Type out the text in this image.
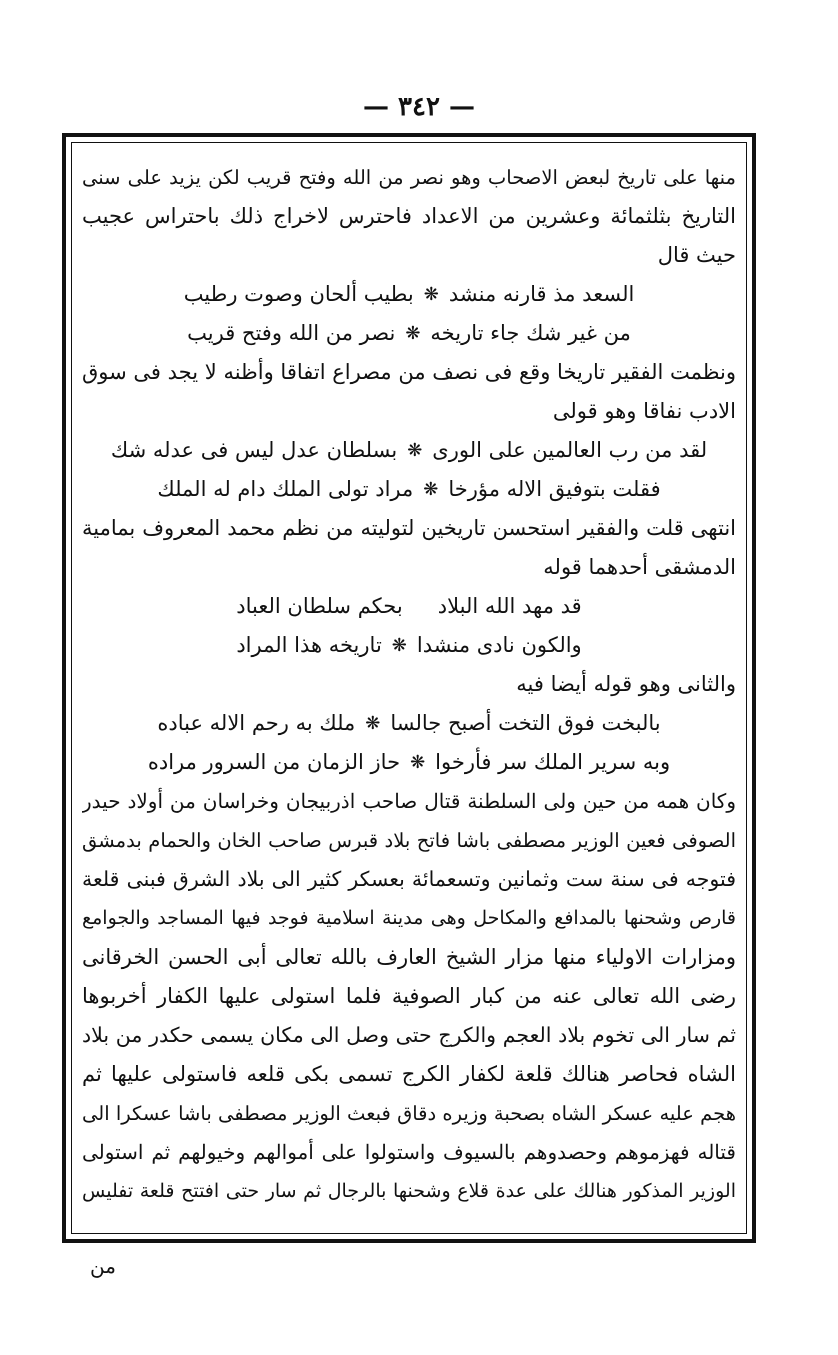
— ٣٤٢ —
منها على تاريخ لبعض الاصحاب وهو نصر من الله وفتح قريب لكن يزيد على سنى
التاريخ بثلثمائة وعشرين من الاعداد فاحترس لاخراج ذلك باحتراس عجيب
حيث قال
السعد مذ قارنه منشد
❋
بطيب ألحان وصوت رطيب
من غير شك جاء تاريخه
❋
نصر من الله وفتح قريب
ونظمت الفقير تاريخا وقع فى نصف من مصراع اتفاقا وأظنه لا يجد فى سوق
الادب نفاقا وهو قولى
لقد من رب العالمين على الورى
❋
بسلطان عدل ليس فى عدله شك
فقلت بتوفيق الاله مؤرخا
❋
مراد تولى الملك دام له الملك
انتهى قلت والفقير استحسن تاريخين لتوليته من نظم محمد المعروف بمامية
الدمشقى أحدهما قوله
قد مهد الله البلاد
بحكم سلطان العباد
والكون نادى منشدا
❋
تاريخه هذا المراد
والثانى وهو قوله أيضا فيه
بالبخت فوق التخت أصبح جالسا
❋
ملك به رحم الاله عباده
وبه سرير الملك سر فأرخوا
❋
حاز الزمان من السرور مراده
وكان همه من حين ولى السلطنة قتال صاحب اذربيجان وخراسان من أولاد حيدر
الصوفى فعين الوزير مصطفى باشا فاتح بلاد قبرس صاحب الخان والحمام بدمشق
فتوجه فى سنة ست وثمانين وتسعمائة بعسكر كثير الى بلاد الشرق فبنى قلعة
قارص وشحنها بالمدافع والمكاحل وهى مدينة اسلامية فوجد فيها المساجد والجوامع
ومزارات الاولياء منها مزار الشيخ العارف بالله تعالى أبى الحسن الخرقانى
رضى الله تعالى عنه من كبار الصوفية فلما استولى عليها الكفار أخربوها
ثم سار الى تخوم بلاد العجم والكرج حتى وصل الى مكان يسمى حكدر من بلاد
الشاه فحاصر هنالك قلعة لكفار الكرج تسمى بكى قلعه فاستولى عليها ثم
هجم عليه عسكر الشاه بصحبة وزيره دقاق فبعث الوزير مصطفى باشا عسكرا الى
قتاله فهزموهم وحصدوهم بالسيوف واستولوا على أموالهم وخيولهم ثم استولى
الوزير المذكور هنالك على عدة قلاع وشحنها بالرجال ثم سار حتى افتتح قلعة تفليس
من
